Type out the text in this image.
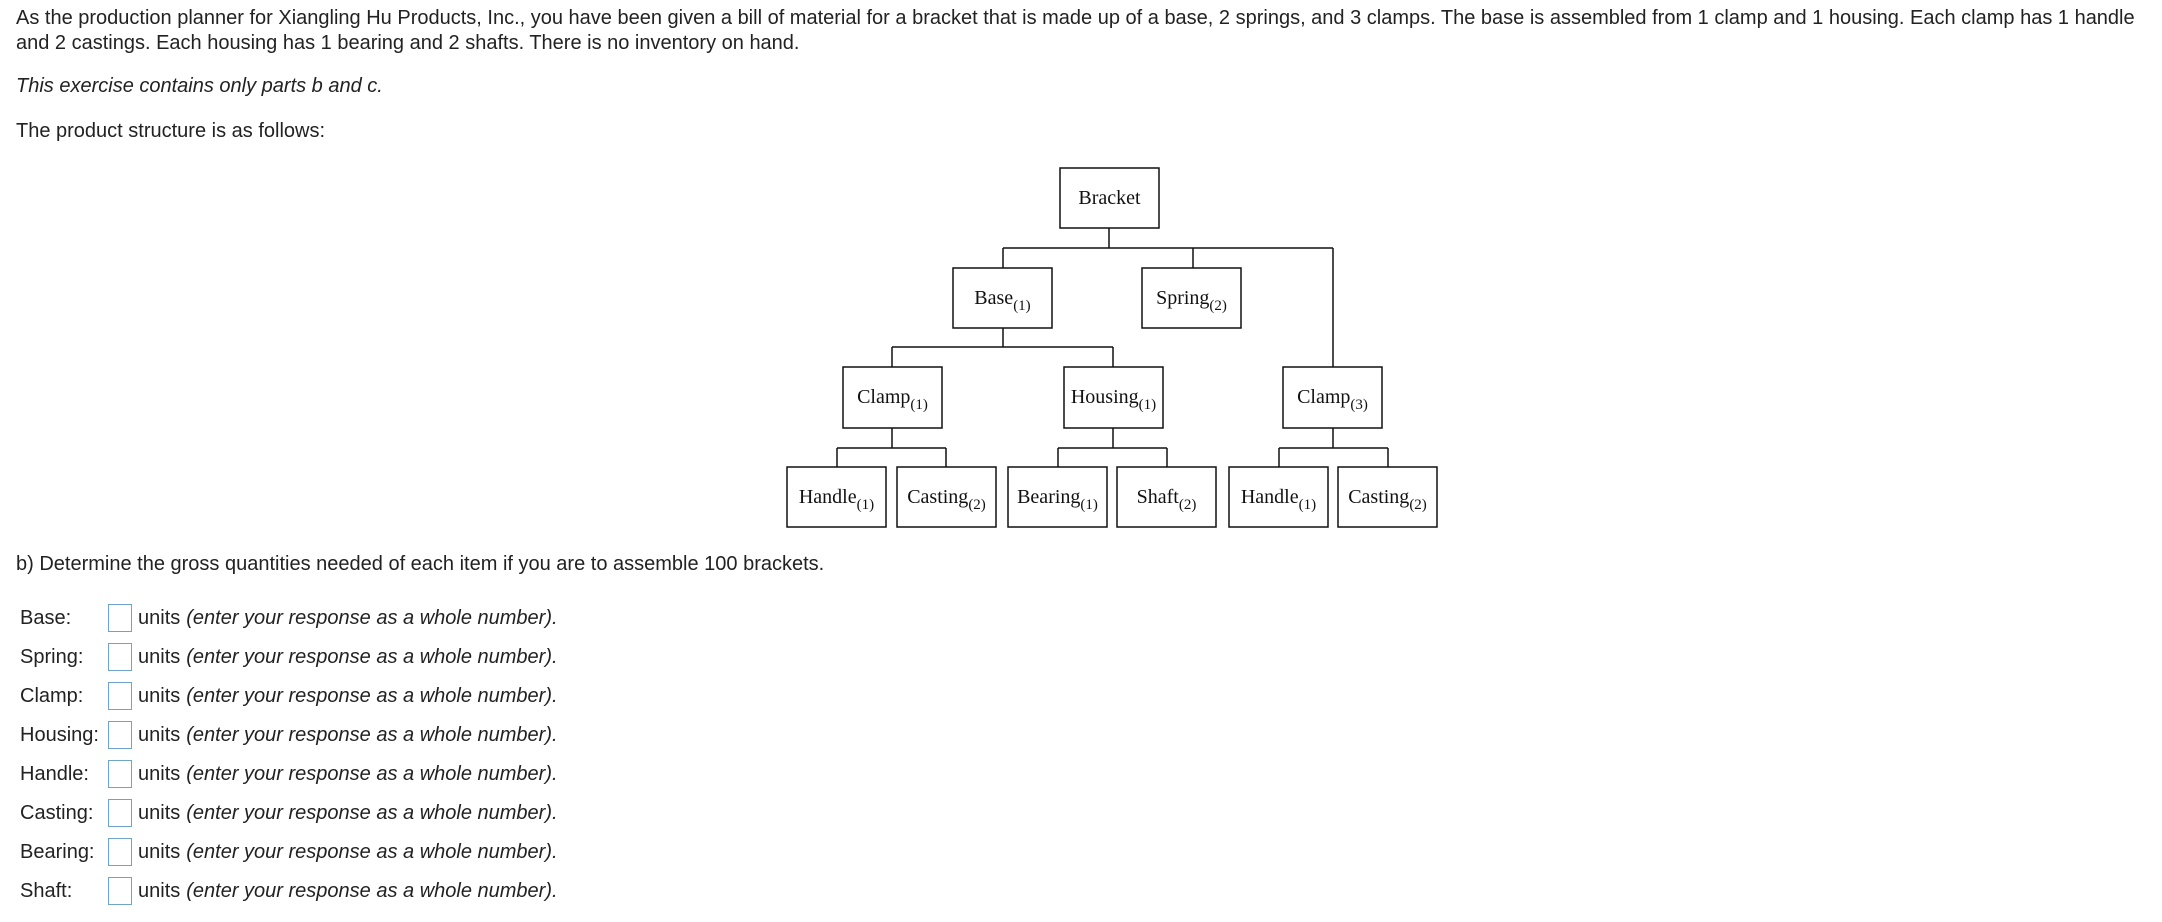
As the production planner for Xiangling Hu Products, Inc., you have been given a bill of material for a bracket that is made up of a base, 2 springs, and 3 clamps. The base is assembled from 1 clamp and 1 housing. Each clamp has 1 handle and 2 castings. Each housing has 1 bearing and 2 shafts. There is no inventory on hand.
This exercise contains only parts b and c.
The product structure is as follows:
Bracket
Base$_{(1)}$	Spring$_{(2)}$
Clamp$_{(1)}$	Housing$_{(1)}$	Clamp$_{(3)}$
Handle$_{(1)}$ Casting$_{(2)}$ Bearing$_{(1)}$ Shaft$_{(2)}$ Handle$_{(1)}$ Casting$_{(2)}$
b) Determine the gross quantities needed of each item if you are to assemble 100 brackets.
Base:	units (enter your response as a whole number).
Spring:	units (enter your response as a whole number).
Clamp:	units (enter your response as a whole number).
Housing:	units (enter your response as a whole number).
Handle:	units (enter your response as a whole number).
Casting:	units (enter your response as a whole number).
Bearing:	units (enter your response as a whole number).
Shaft:	units (enter your response as a whole number).
